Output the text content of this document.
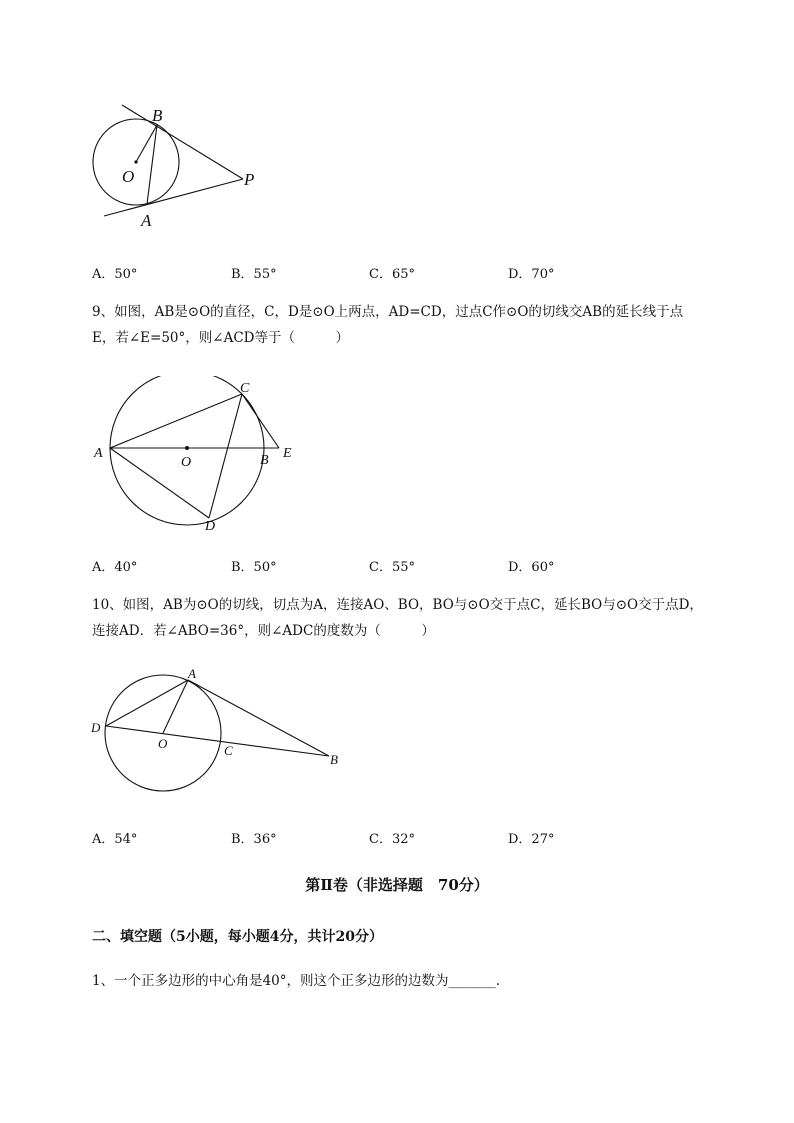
B
O	P
A
A．50°	B．55°	C．65°	D．70°

9、如图，AB是⊙O的直径，C，D是⊙O上两点，AD=CD，过点C作⊙O的切线交AB的延长线于点

E，若∠E=50°，则∠ACD等于（　　　）

A
O	B E
C
D
A．40°	B．50°	C．55°	D．60°

10、如图，AB为⊙O的切线，切点为A，连接AO、BO，BO与⊙O交于点C，延长BO与⊙O交于点D，

连接AD．若∠ABO=36°，则∠ADC的度数为（　　　）

A
D
O	C
B
A．54°	B．36°	C．32°	D．27°
第Ⅱ卷（非选择题　70分）
二、填空题（5小题，每小题4分，共计20分）
1、一个正多边形的中心角是40°，则这个正多边形的边数为_______.
